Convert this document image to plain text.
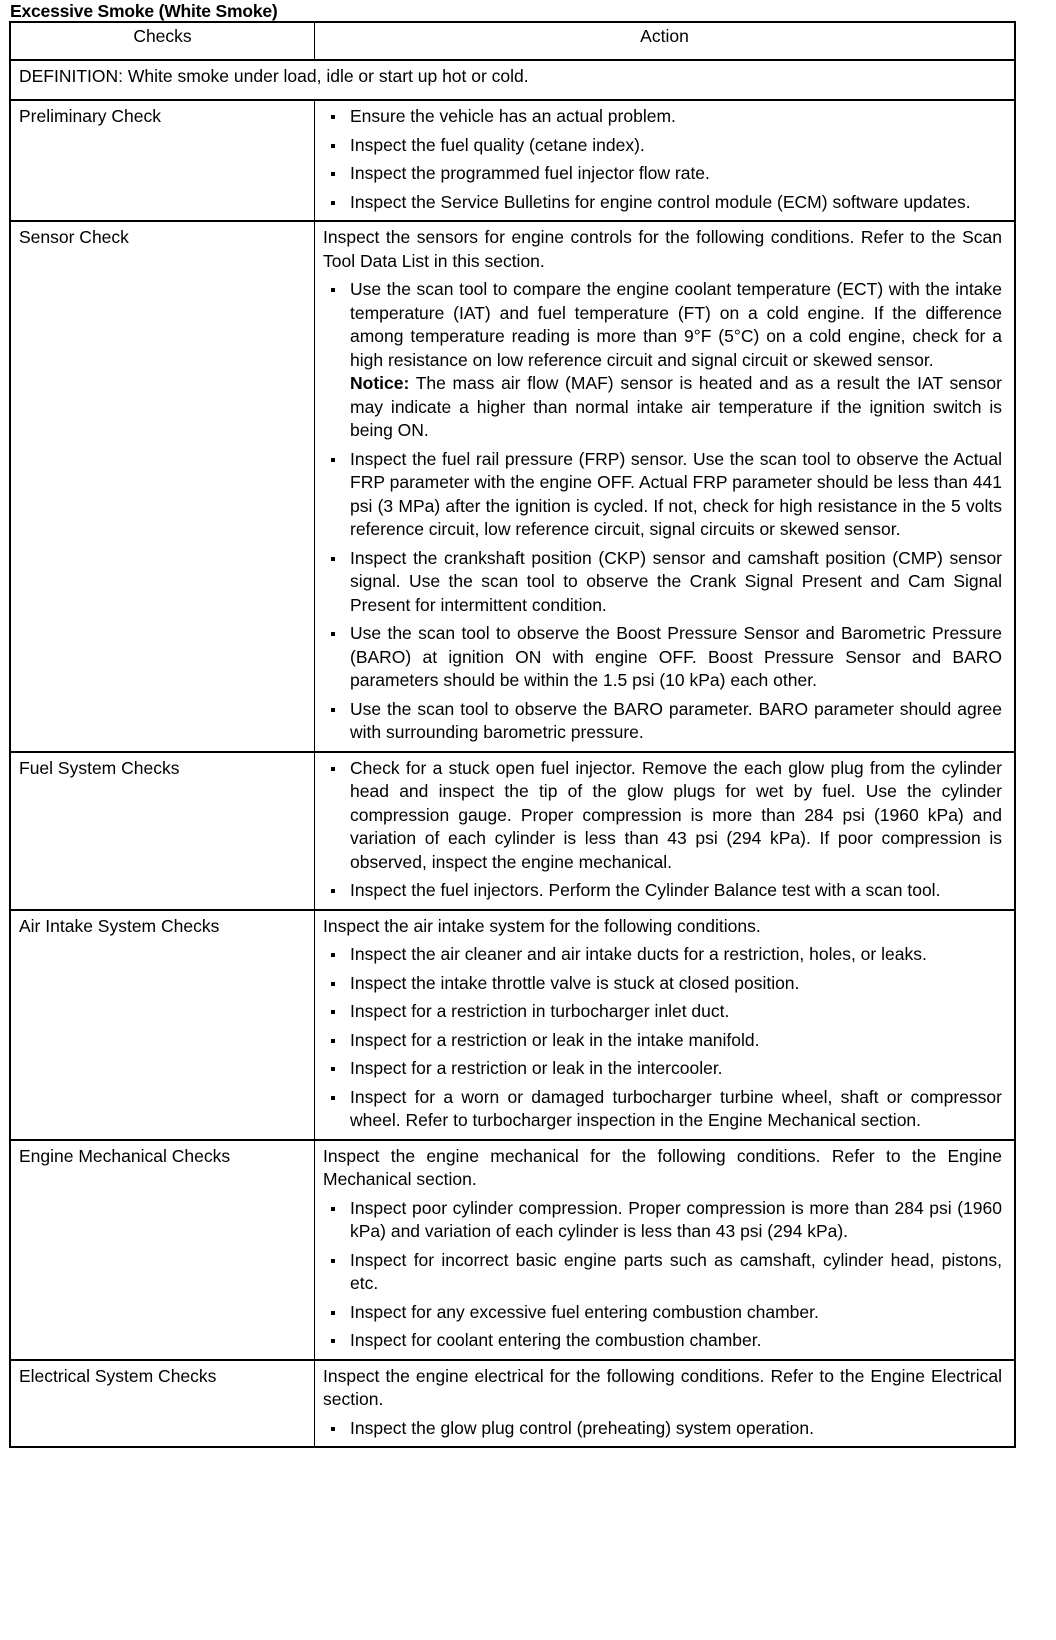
Excessive Smoke (White Smoke)
Checks	Action
DEFINITION: White smoke under load, idle or start up hot or cold.	
Preliminary Check	Ensure the vehicle has an actual problem.
Inspect the fuel quality (cetane index).
Inspect the programmed fuel injector flow rate.
Inspect the Service Bulletins for engine control module (ECM) software updates.

Sensor Check	Inspect the sensors for engine controls for the following conditions. Refer to the Scan Tool Data List in this section.
Use the scan tool to compare the engine coolant temperature (ECT) with the intake temperature (IAT) and fuel temperature (FT) on a cold engine. If the difference among temperature reading is more than 9°F (5°C) on a cold engine, check for a high resistance on low reference circuit and signal circuit or skewed sensor.
Notice: The mass air flow (MAF) sensor is heated and as a result the IAT sensor may indicate a higher than normal intake air temperature if the ignition switch is being ON.
Inspect the fuel rail pressure (FRP) sensor. Use the scan tool to observe the Actual FRP parameter with the engine OFF. Actual FRP parameter should be less than 441 psi (3 MPa) after the ignition is cycled. If not, check for high resistance in the 5 volts reference circuit, low reference circuit, signal circuits or skewed sensor.
Inspect the crankshaft position (CKP) sensor and camshaft position (CMP) sensor signal. Use the scan tool to observe the Crank Signal Present and Cam Signal Present for intermittent condition.
Use the scan tool to observe the Boost Pressure Sensor and Barometric Pressure (BARO) at ignition ON with engine OFF. Boost Pressure Sensor and BARO parameters should be within the 1.5 psi (10 kPa) each other.
Use the scan tool to observe the BARO parameter. BARO parameter should agree with surrounding barometric pressure.

Fuel System Checks	Check for a stuck open fuel injector. Remove the each glow plug from the cylinder head and inspect the tip of the glow plugs for wet by fuel. Use the cylinder compression gauge. Proper compression is more than 284 psi (1960 kPa) and variation of each cylinder is less than 43 psi (294 kPa). If poor compression is observed, inspect the engine mechanical.
Inspect the fuel injectors. Perform the Cylinder Balance test with a scan tool.

Air Intake System Checks	Inspect the air intake system for the following conditions.
Inspect the air cleaner and air intake ducts for a restriction, holes, or leaks.
Inspect the intake throttle valve is stuck at closed position.
Inspect for a restriction in turbocharger inlet duct.
Inspect for a restriction or leak in the intake manifold.
Inspect for a restriction or leak in the intercooler.
Inspect for a worn or damaged turbocharger turbine wheel, shaft or compressor wheel. Refer to turbocharger inspection in the Engine Mechanical section.

Engine Mechanical Checks	Inspect the engine mechanical for the following conditions. Refer to the Engine Mechanical section.
Inspect poor cylinder compression. Proper compression is more than 284 psi (1960 kPa) and variation of each cylinder is less than 43 psi (294 kPa).
Inspect for incorrect basic engine parts such as camshaft, cylinder head, pistons, etc.
Inspect for any excessive fuel entering combustion chamber.
Inspect for coolant entering the combustion chamber.

Electrical System Checks	Inspect the engine electrical for the following conditions. Refer to the Engine Electrical section.
Inspect the glow plug control (preheating) system operation.
